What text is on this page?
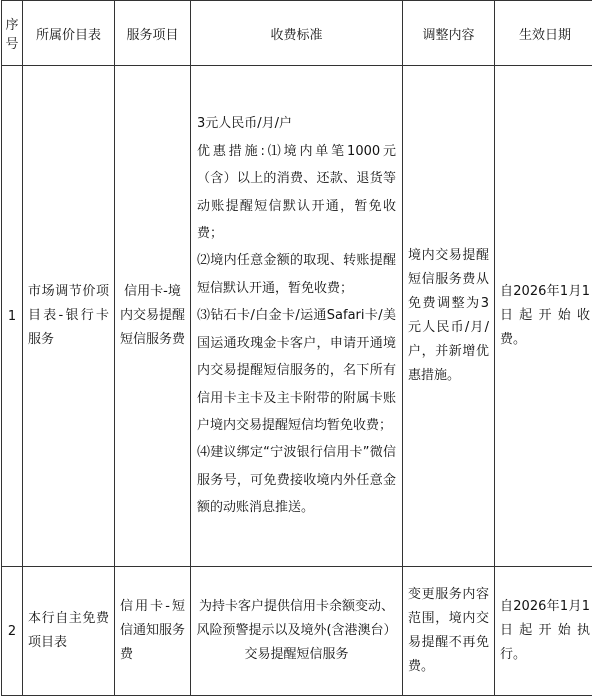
序号	所属价目表	服务项目	收费标准	调整内容	生效日期
1	市场调节价项目表-银行卡服务	信用卡-境内交易提醒短信服务费	3元人民币/月/户
优惠措施:⑴境内单笔1000元（含）以上的消费、还款、退货等动账提醒短信默认开通，暂免收费；
⑵境内任意金额的取现、转账提醒短信默认开通，暂免收费；
⑶钻石卡/白金卡/运通Safari卡/美国运通玫瑰金卡客户，申请开通境内交易提醒短信服务的，名下所有信用卡主卡及主卡附带的附属卡账户境内交易提醒短信均暂免收费；
⑷建议绑定“宁波银行信用卡”微信服务号，可免费接收境内外任意金额的动账消息推送。	境内交易提醒短信服务费从免费调整为3元人民币/月/户，并新增优惠措施。	自2026年1月1日起开始收费。
2	本行自主免费项目表	信用卡-短信通知服务费	为持卡客户提供信用卡余额变动、风险预警提示以及境外(含港澳台）交易提醒短信服务	变更服务内容范围，境内交易提醒不再免费。	自2026年1月1日起开始执行。
